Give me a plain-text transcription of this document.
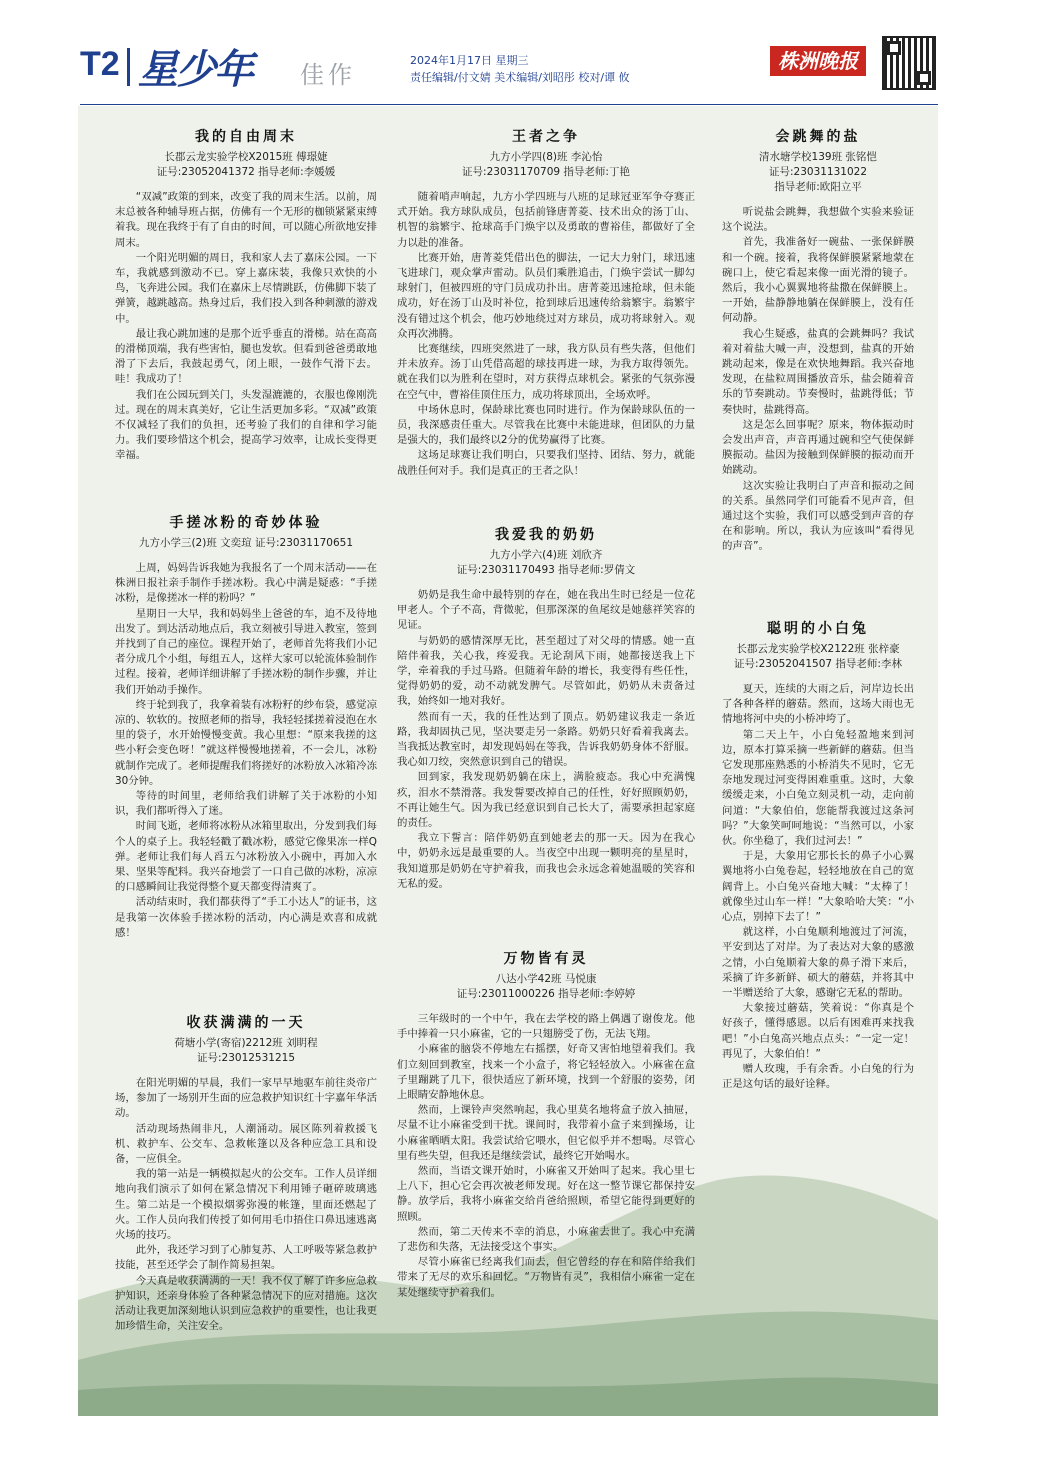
T2 星少年 佳作
2024年1月17日 星期三
责任编辑/付文婧 美术编辑/刘昭彤 校对/谭 攸
株洲晚报
我的自由周末

长郡云龙实验学校X2015班 傅璟婕

证号:23052041372 指导老师:李媛媛

“双减”政策的到来，改变了我的周末生活。以前，周末总被各种辅导班占据，仿佛有一个无形的枷锁紧紧束缚着我。现在我终于有了自由的时间，可以随心所欲地安排周末。

一个阳光明媚的周日，我和家人去了嘉床公园。一下车，我就感到激动不已。穿上嘉床装，我像只欢快的小鸟，飞奔进公园。我们在嘉床上尽情跳跃，仿佛脚下装了弹簧，越跳越高。热身过后，我们投入到各种刺激的游戏中。

最让我心跳加速的是那个近乎垂直的滑梯。站在高高的滑梯顶端，我有些害怕，腿也发软。但看到爸爸勇敢地滑了下去后，我鼓起勇气，闭上眼，一鼓作气滑下去。哇！我成功了！

我们在公园玩到关门，头发湿漉漉的，衣服也像刚洗过。现在的周末真美好，它让生活更加多彩。“双减”政策不仅减轻了我们的负担，还考验了我们的自律和学习能力。我们要珍惜这个机会，提高学习效率，让成长变得更幸福。

手搓冰粉的奇妙体验

九方小学三(2)班 文奕瑄 证号:23031170651

上周，妈妈告诉我她为我报名了一个周末活动——在株洲日报社亲手制作手搓冰粉。我心中满是疑惑：“手搓冰粉，是像搓冰一样的粉吗？”

星期日一大早，我和妈妈坐上爸爸的车，迫不及待地出发了。到达活动地点后，我立刻被引导进入教室，签到并找到了自己的座位。课程开始了，老师首先将我们小记者分成几个小组，每组五人，这样大家可以轮流体验制作过程。接着，老师详细讲解了手搓冰粉的制作步骤，并让我们开始动手操作。

终于轮到我了，我拿着装有冰粉籽的纱布袋，感觉凉凉的、软软的。按照老师的指导，我轻轻揉搓着浸泡在水里的袋子，水开始慢慢变黄。我心里想：“原来我搓的这些小籽会变色呀！”就这样慢慢地搓着，不一会儿，冰粉就制作完成了。老师提醒我们将搓好的冰粉放入冰箱冷冻30分钟。

等待的时间里，老师给我们讲解了关于冰粉的小知识，我们都听得入了迷。

时间飞逝，老师将冰粉从冰箱里取出，分发到我们每个人的桌子上。我轻轻戳了戳冰粉，感觉它像果冻一样Q弹。老师让我们每人舀五勺冰粉放入小碗中，再加入水果、坚果等配料。我兴奋地尝了一口自己做的冰粉，凉凉的口感瞬间让我觉得整个夏天都变得清爽了。

活动结束时，我们都获得了“手工小达人”的证书，这是我第一次体验手搓冰粉的活动，内心满是欢喜和成就感！

收获满满的一天

荷塘小学(寄宿)2212班 刘眀程

证号:23012531215

在阳光明媚的早晨，我们一家早早地驱车前往炎帝广场，参加了一场别开生面的应急救护知识红十字嘉年华活动。

活动现场热闹非凡，人潮涌动。展区陈列着救援飞机、救护车、公交车、急救帐篷以及各种应急工具和设备，一应俱全。

我的第一站是一辆模拟起火的公交车。工作人员详细地向我们演示了如何在紧急情况下利用锤子砸碎玻璃逃生。第二站是一个模拟烟雾弥漫的帐篷，里面还燃起了火。工作人员向我们传授了如何用毛巾捂住口鼻迅速逃离火场的技巧。

此外，我还学习到了心肺复苏、人工呼吸等紧急救护技能，甚至还学会了制作简易担架。

今天真是收获满满的一天！我不仅了解了许多应急救护知识，还亲身体验了各种紧急情况下的应对措施。这次活动让我更加深刻地认识到应急救护的重要性，也让我更加珍惜生命，关注安全。

王者之争

九方小学四(8)班 李沁怡

证号:23031170709 指导老师:丁艳

随着哨声响起，九方小学四班与八班的足球冠亚军争夺赛正式开始。我方球队成员，包括前锋唐菁菱、技术出众的汤丁山、机智的翁繁宇、抢球高手门焕宇以及勇敢的曹裕佳，都做好了全力以赴的准备。

比赛开始，唐菁菱凭借出色的脚法，一记大力射门，球迅速飞进球门，观众掌声雷动。队员们乘胜追击，门焕宇尝试一脚勾球射门，但被四班的守门员成功扑出。唐菁菱迅速抢球，但未能成功，好在汤丁山及时补位，抢到球后迅速传给翁繁宇。翁繁宇没有错过这个机会，他巧妙地绕过对方球员，成功将球射入。观众再次沸腾。

比赛继续，四班突然进了一球，我方队员有些失落，但他们并未放弃。汤丁山凭借高超的球技再进一球，为我方取得领先。就在我们以为胜利在望时，对方获得点球机会。紧张的气氛弥漫在空气中，曹裕佳顶住压力，成功将球顶出，全场欢呼。

中场休息时，保龄球比赛也同时进行。作为保龄球队伍的一员，我深感责任重大。尽管我在比赛中未能进球，但团队的力量是强大的，我们最终以2分的优势赢得了比赛。

这场足球赛让我们明白，只要我们坚持、团结、努力，就能战胜任何对手。我们是真正的王者之队！

我爱我的奶奶

九方小学六(4)班 刘欣齐

证号:23031170493 指导老师:罗倩文

奶奶是我生命中最特别的存在，她在我出生时已经是一位花甲老人。个子不高，背微驼，但那深深的鱼尾纹是她慈祥笑容的见证。

与奶奶的感情深厚无比，甚至超过了对父母的情感。她一直陪伴着我，关心我，疼爱我。无论刮风下雨，她都接送我上下学，牵着我的手过马路。但随着年龄的增长，我变得有些任性，觉得奶奶的爱，动不动就发脾气。尽管如此，奶奶从未责备过我，始终如一地对我好。

然而有一天，我的任性达到了顶点。奶奶建议我走一条近路，我却固执己见，坚决要走另一条路。奶奶只好看着我离去。当我抵达教室时，却发现妈妈在等我，告诉我奶奶身体不舒服。我心如刀绞，突然意识到自己的错误。

回到家，我发现奶奶躺在床上，满脸疲态。我心中充满愧疚，泪水不禁滑落。我发誓要改掉自己的任性，好好照顾奶奶，不再让她生气。因为我已经意识到自己长大了，需要承担起家庭的责任。

我立下誓言：陪伴奶奶直到她老去的那一天。因为在我心中，奶奶永远是最重要的人。当夜空中出现一颗明亮的星星时，我知道那是奶奶在守护着我，而我也会永远念着她温暖的笑容和无私的爱。

万物皆有灵

八达小学42班 马悦康

证号:23011000226 指导老师:李婷婷

三年级时的一个中午，我在去学校的路上偶遇了谢俊龙。他手中捧着一只小麻雀，它的一只翅膀受了伤，无法飞翔。

小麻雀的脑袋不停地左右摇摆，好奇又害怕地望着我们。我们立刻回到教室，找来一个小盒子，将它轻轻放入。小麻雀在盒子里蹦跳了几下，很快适应了新环境，找到一个舒服的姿势，闭上眼睛安静地休息。

然而，上课铃声突然响起，我心里莫名地将盒子放入抽屉，尽量不让小麻雀受到干扰。课间时，我带着小盒子来到操场，让小麻雀晒晒太阳。我尝试给它喂水，但它似乎并不想喝。尽管心里有些失望，但我还是继续尝试，最终它开始喝水。

然而，当语文课开始时，小麻雀又开始叫了起来。我心里七上八下，担心它会再次被老师发现。好在这一整节课它都保持安静。放学后，我将小麻雀交给肖爸给照顾，希望它能得到更好的照顾。

然而，第二天传来不幸的消息，小麻雀去世了。我心中充满了悲伤和失落，无法接受这个事实。

尽管小麻雀已经离我们而去，但它曾经的存在和陪伴给我们带来了无尽的欢乐和回忆。“万物皆有灵”，我相信小麻雀一定在某处继续守护着我们。

会跳舞的盐

清水塘学校139班 张铭恺

证号:23031131022

指导老师:欧阳立平

听说盐会跳舞，我想做个实验来验证这个说法。

首先，我准备好一碗盐、一张保鲜膜和一个碗。接着，我将保鲜膜紧紧地蒙在碗口上，使它看起来像一面光滑的镜子。然后，我小心翼翼地将盐撒在保鲜膜上。一开始，盐静静地躺在保鲜膜上，没有任何动静。

我心生疑惑，盐真的会跳舞吗？我试着对着盐大喊一声，没想到，盐真的开始跳动起来，像是在欢快地舞蹈。我兴奋地发现，在盐粒周围播放音乐，盐会随着音乐的节奏跳动。节奏慢时，盐跳得低；节奏快时，盐跳得高。

这是怎么回事呢？原来，物体振动时会发出声音，声音再通过碗和空气使保鲜膜振动。盐因为接触到保鲜膜的振动而开始跳动。

这次实验让我明白了声音和振动之间的关系。虽然同学们可能看不见声音，但通过这个实验，我们可以感受到声音的存在和影响。所以，我认为应该叫“看得见的声音”。

聪明的小白兔

长郡云龙实验学校X2122班 张梓豪

证号:23052041507 指导老师:李林

夏天，连续的大雨之后，河岸边长出了各种各样的蘑菇。然而，这场大雨也无情地将河中央的小桥冲垮了。

第二天上午，小白兔轻盈地来到河边，原本打算采摘一些新鲜的蘑菇。但当它发现那座熟悉的小桥消失不见时，它无奈地发现过河变得困难重重。这时，大象缓缓走来，小白兔立刻灵机一动，走向前问道：“大象伯伯，您能帮我渡过这条河吗？”大象笑呵呵地说：“当然可以，小家伙。你坐稳了，我们过河去！”

于是，大象用它那长长的鼻子小心翼翼地将小白兔卷起，轻轻地放在自己的宽阔背上。小白兔兴奋地大喊：“太棒了！就像坐过山车一样！”大象哈哈大笑：“小心点，别掉下去了！”

就这样，小白兔顺利地渡过了河流，平安到达了对岸。为了表达对大象的感激之情，小白兔顺着大象的鼻子滑下来后，采摘了许多新鲜、硕大的蘑菇，并将其中一半赠送给了大象，感谢它无私的帮助。

大象接过蘑菇，笑着说：“你真是个好孩子，懂得感恩。以后有困难再来找我吧！”小白兔高兴地点点头：“一定一定！再见了，大象伯伯！”

赠人玫瑰，手有余香。小白兔的行为正是这句话的最好诠释。
